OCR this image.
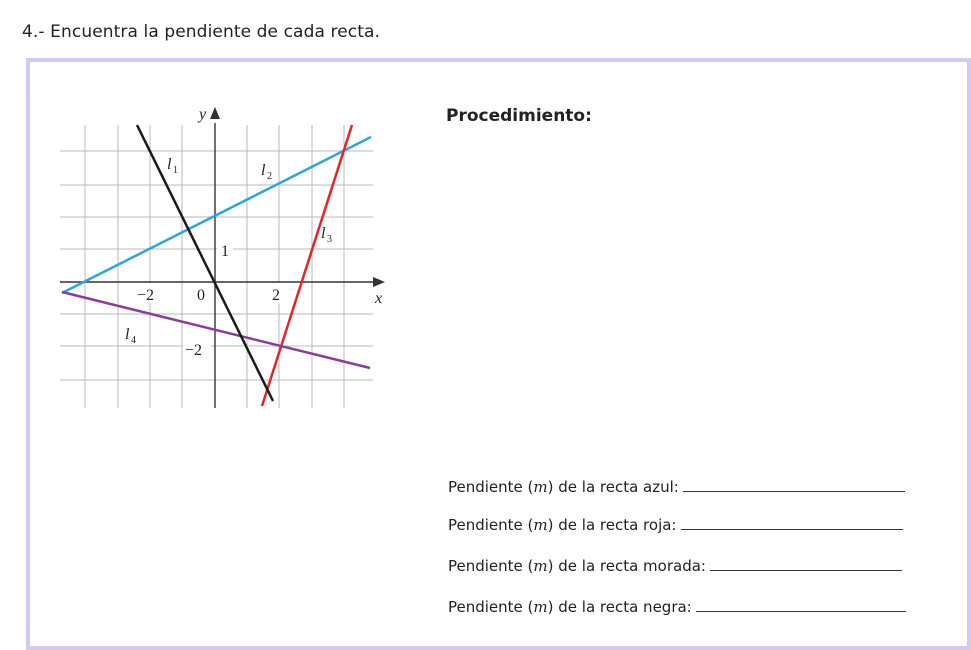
4.- Encuentra la pendiente de cada recta.
y
x
−2	0	2
1
−2
l 1	l 2
l 3
l 4
Procedimiento:
Pendiente (m) de la recta azul:
Pendiente (m) de la recta roja:
Pendiente (m) de la recta morada:
Pendiente (m) de la recta negra:
